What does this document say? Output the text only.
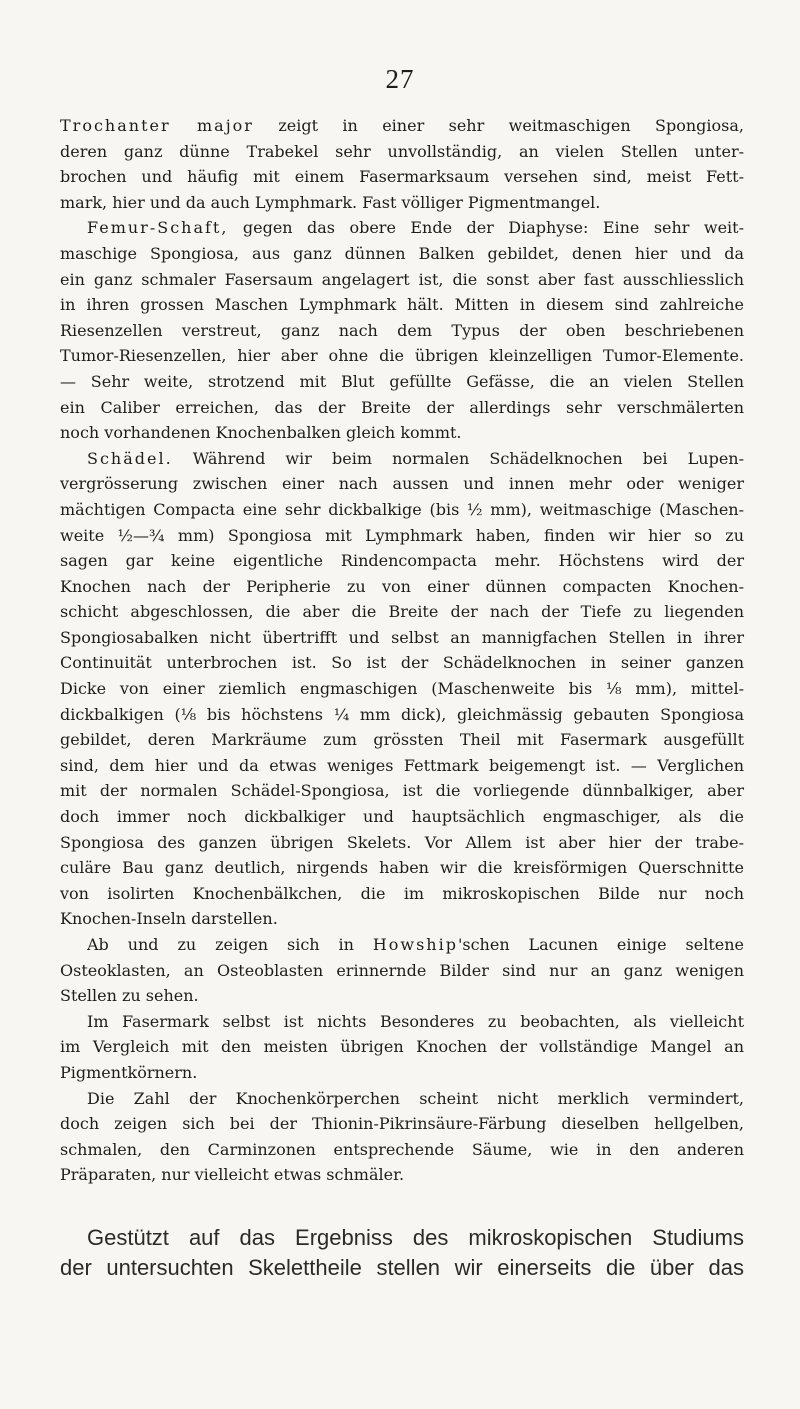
27
Trochanter major zeigt in einer sehr weitmaschigen Spongiosa,
deren ganz dünne Trabekel sehr unvollständig, an vielen Stellen unter-
brochen und häufig mit einem Fasermarksaum versehen sind, meist Fett-
mark, hier und da auch Lymphmark. Fast völliger Pigmentmangel.
Femur-Schaft, gegen das obere Ende der Diaphyse: Eine sehr weit-
maschige Spongiosa, aus ganz dünnen Balken gebildet, denen hier und da
ein ganz schmaler Fasersaum angelagert ist, die sonst aber fast ausschliesslich
in ihren grossen Maschen Lymphmark hält. Mitten in diesem sind zahlreiche
Riesenzellen verstreut, ganz nach dem Typus der oben beschriebenen
Tumor-Riesenzellen, hier aber ohne die übrigen kleinzelligen Tumor-Elemente.
— Sehr weite, strotzend mit Blut gefüllte Gefässe, die an vielen Stellen
ein Caliber erreichen, das der Breite der allerdings sehr verschmälerten
noch vorhandenen Knochenbalken gleich kommt.
Schädel. Während wir beim normalen Schädelknochen bei Lupen-
vergrösserung zwischen einer nach aussen und innen mehr oder weniger
mächtigen Compacta eine sehr dickbalkige (bis ½ mm), weitmaschige (Maschen-
weite ½—¾ mm) Spongiosa mit Lymphmark haben, finden wir hier so zu
sagen gar keine eigentliche Rindencompacta mehr. Höchstens wird der
Knochen nach der Peripherie zu von einer dünnen compacten Knochen-
schicht abgeschlossen, die aber die Breite der nach der Tiefe zu liegenden
Spongiosabalken nicht übertrifft und selbst an mannigfachen Stellen in ihrer
Continuität unterbrochen ist. So ist der Schädelknochen in seiner ganzen
Dicke von einer ziemlich engmaschigen (Maschenweite bis ⅛ mm), mittel-
dickbalkigen (⅛ bis höchstens ¼ mm dick), gleichmässig gebauten Spongiosa
gebildet, deren Markräume zum grössten Theil mit Fasermark ausgefüllt
sind, dem hier und da etwas weniges Fettmark beigemengt ist. — Verglichen
mit der normalen Schädel-Spongiosa, ist die vorliegende dünnbalkiger, aber
doch immer noch dickbalkiger und hauptsächlich engmaschiger, als die
Spongiosa des ganzen übrigen Skelets. Vor Allem ist aber hier der trabe-
culäre Bau ganz deutlich, nirgends haben wir die kreisförmigen Querschnitte
von isolirten Knochenbälkchen, die im mikroskopischen Bilde nur noch
Knochen-Inseln darstellen.
Ab und zu zeigen sich in Howship'schen Lacunen einige seltene
Osteoklasten, an Osteoblasten erinnernde Bilder sind nur an ganz wenigen
Stellen zu sehen.
Im Fasermark selbst ist nichts Besonderes zu beobachten, als vielleicht
im Vergleich mit den meisten übrigen Knochen der vollständige Mangel an
Pigmentkörnern.
Die Zahl der Knochenkörperchen scheint nicht merklich vermindert,
doch zeigen sich bei der Thionin-Pikrinsäure-Färbung dieselben hellgelben,
schmalen, den Carminzonen entsprechende Säume, wie in den anderen
Präparaten, nur vielleicht etwas schmäler.
Gestützt auf das Ergebniss des mikroskopischen Studiums
der untersuchten Skelettheile stellen wir einerseits die über das
